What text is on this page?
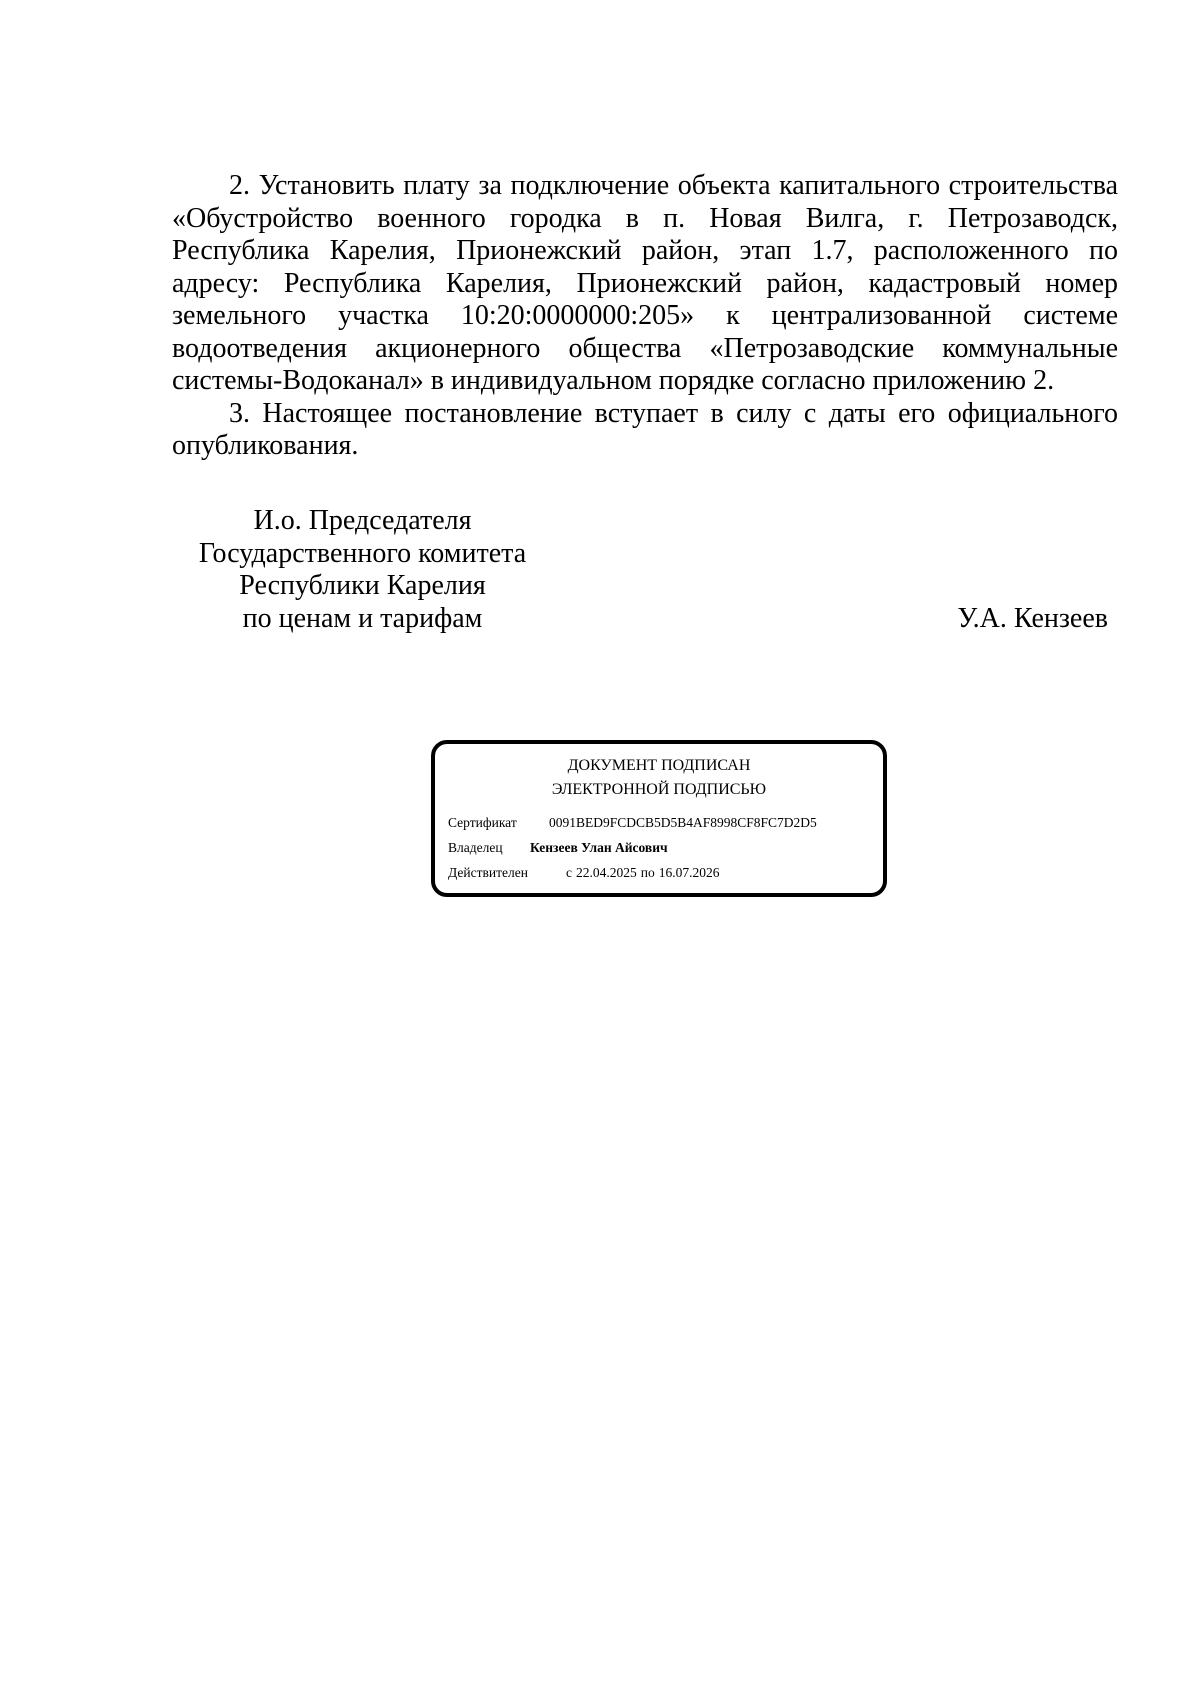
2. Установить плату за подключение объекта капитального строительства «Обустройство военного городка в п. Новая Вилга, г. Петрозаводск, Республика Карелия, Прионежский район, этап 1.7, расположенного по адресу: Республика Карелия, Прионежский район, кадастровый номер земельного участка 10:20:0000000:205» к централизованной системе водоотведения акционерного общества «Петрозаводские коммунальные системы-Водоканал» в индивидуальном порядке согласно приложению 2.

3. Настоящее постановление вступает в силу с даты его официального опубликования.

И.о. Председателя
Государственного комитета
Республики Карелия
по ценам и тарифам	У.А. Кензеев
ДОКУМЕНТ ПОДПИСАН
ЭЛЕКТРОННОЙ ПОДПИСЬЮ
Сертификат 0091BED9FCDCB5D5B4AF8998CF8FC7D2D5
Владелец Кензеев Улан Айсович
Действителен	с 22.04.2025 по 16.07.2026
